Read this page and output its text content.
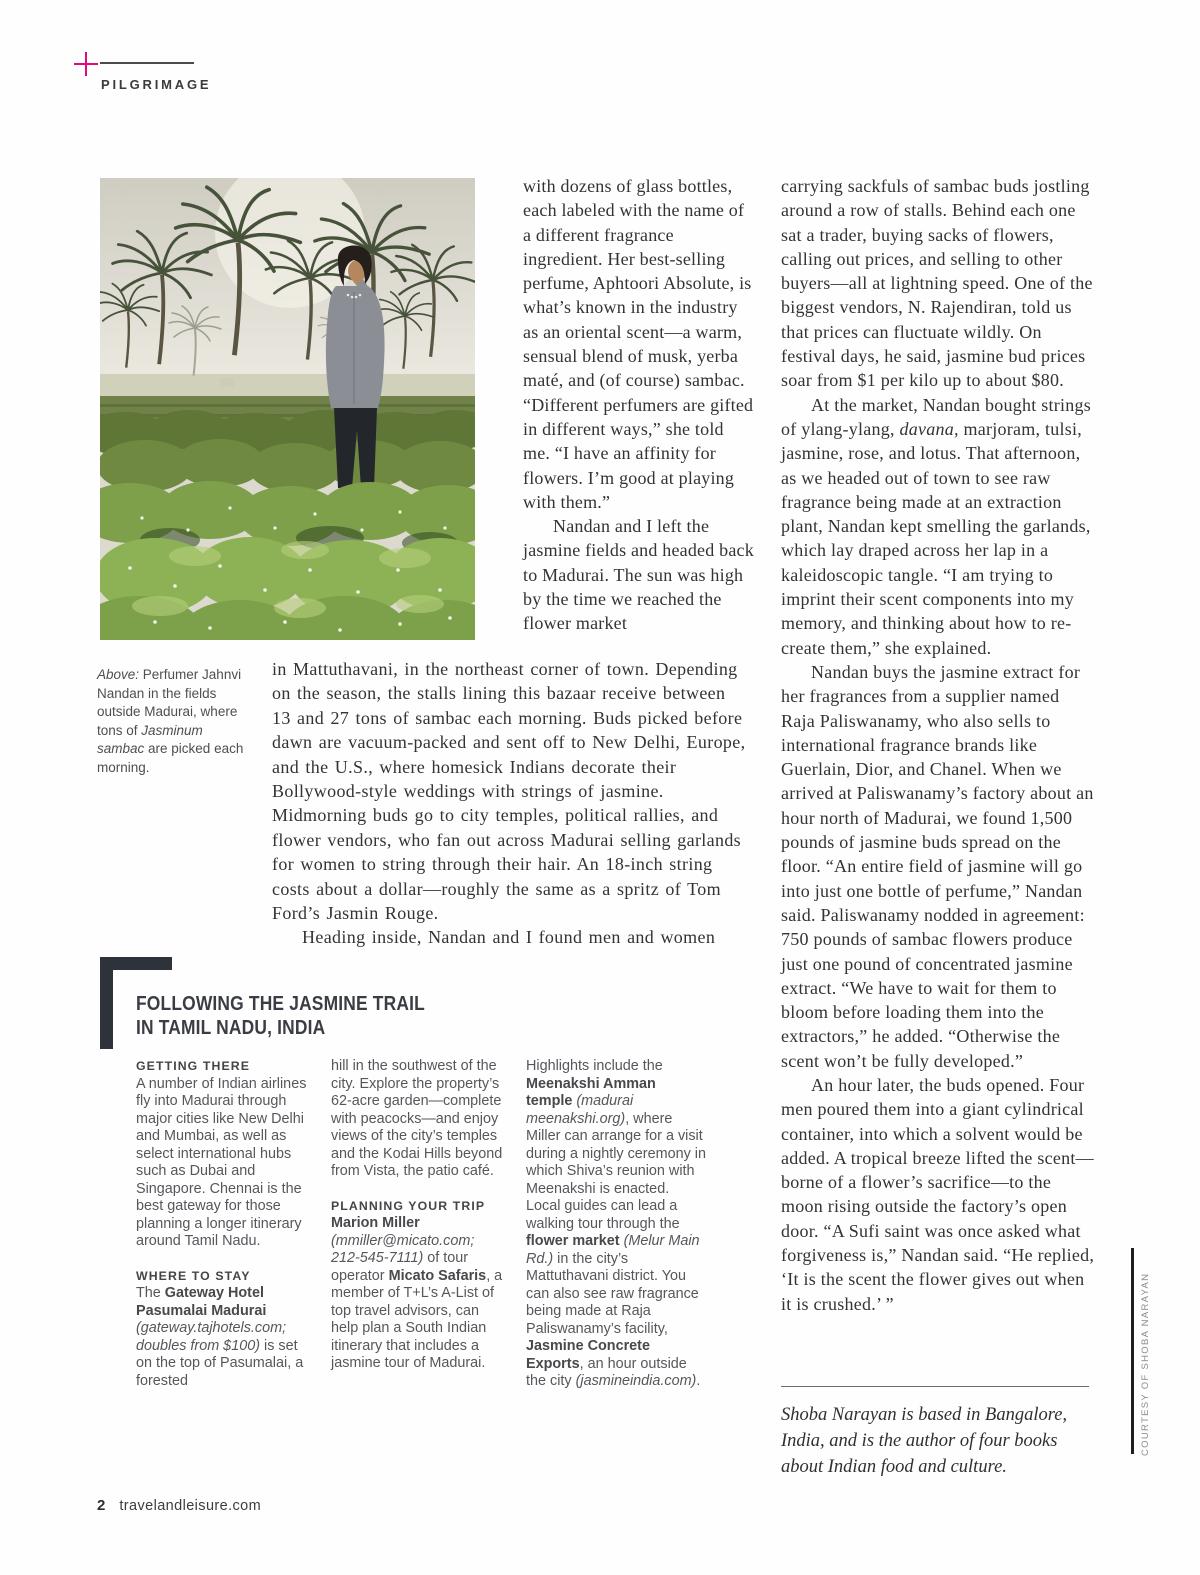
PILGRIMAGE
Above: Perfumer Jahnvi Nandan in the fields outside Madurai, where tons of Jasminum sambac are picked each morning.

with dozens of glass bottles, each labeled with the name of a different fragrance ingredient. Her best-selling perfume, Aphtoori Absolute, is what’s known in the industry as an oriental scent—a warm, sensual blend of musk, yerba maté, and (of course) sambac. “Different perfumers are gifted in different ways,” she told me. “I have an affinity for flowers. I’m good at playing with them.”

Nandan and I left the jasmine fields and headed back to Madurai. The sun was high by the time we reached the flower market

in Mattuthavani, in the northeast corner of town. Depending on the season, the stalls lining this bazaar receive between 13 and 27 tons of sambac each morning. Buds picked before dawn are vacuum-packed and sent off to New Delhi, Europe, and the U.S., where homesick Indians decorate their Bollywood-style weddings with strings of jasmine. Midmorning buds go to city temples, political rallies, and flower vendors, who fan out across Madurai selling garlands for women to string through their hair. An 18-inch string costs about a dollar—roughly the same as a spritz of Tom Ford’s Jasmin Rouge.

Heading inside, Nandan and I found men and women

carrying sackfuls of sambac buds jostling around a row of stalls. Behind each one sat a trader, buying sacks of flowers, calling out prices, and selling to other buyers—all at lightning speed. One of the biggest vendors, N. Rajendiran, told us that prices can fluctuate wildly. On festival days, he said, jasmine bud prices soar from $1 per kilo up to about $80.

At the market, Nandan bought strings of ylang-ylang, davana, marjoram, tulsi, jasmine, rose, and lotus. That afternoon, as we headed out of town to see raw fragrance being made at an extraction plant, Nandan kept smelling the garlands, which lay draped across her lap in a kaleidoscopic tangle. “I am trying to imprint their scent components into my memory, and thinking about how to re-create them,” she explained.

Nandan buys the jasmine extract for her fragrances from a supplier named Raja Paliswanamy, who also sells to international fragrance brands like Guerlain, Dior, and Chanel. When we arrived at Paliswanamy’s factory about an hour north of Madurai, we found 1,500 pounds of jasmine buds spread on the floor. “An entire field of jasmine will go into just one bottle of perfume,” Nandan said. Paliswanamy nodded in agreement: 750 pounds of sambac flowers produce just one pound of concentrated jasmine extract. “We have to wait for them to bloom before loading them into the extractors,” he added. “Otherwise the scent won’t be fully developed.”

An hour later, the buds opened. Four men poured them into a giant cylindrical container, into which a solvent would be added. A tropical breeze lifted the scent—borne of a flower’s sacrifice—to the moon rising outside the factory’s open door. “A Sufi saint was once asked what forgiveness is,” Nandan said. “He replied, ‘It is the scent the flower gives out when it is crushed.’ ”

Shoba Narayan is based in Bangalore, India, and is the author of four books about Indian food and culture.
FOLLOWING THE JASMINE TRAIL
IN TAMIL NADU, INDIA

GETTING THERE

A number of Indian airlines fly into Madurai through major cities like New Delhi and Mumbai, as well as select international hubs such as Dubai and Singapore. Chennai is the best gateway for those planning a longer itinerary around Tamil Nadu.

WHERE TO STAY

The Gateway Hotel Pasumalai Madurai (gateway.tajhotels.com; doubles from $100) is set on the top of Pasumalai, a forested

hill in the southwest of the city. Explore the property’s 62-acre garden—complete with peacocks—and enjoy views of the city’s temples and the Kodai Hills beyond from Vista, the patio café.

PLANNING YOUR TRIP

Marion Miller (mmiller@micato.com; 212-545-7111) of tour operator Micato Safaris, a member of T+L’s A-List of top travel advisors, can help plan a South Indian itinerary that includes a jasmine tour of Madurai.

Highlights include the Meenakshi Amman temple (madurai meenakshi.org), where Miller can arrange for a visit during a nightly ceremony in which Shiva’s reunion with Meenakshi is enacted. Local guides can lead a walking tour through the flower market (Melur Main Rd.) in the city’s Mattuthavani district. You can also see raw fragrance being made at Raja Paliswanamy’s facility, Jasmine Concrete Exports, an hour outside the city (jasmineindia.com).

2 travelandleisure.com
COURTESY OF SHOBA NARAYAN
